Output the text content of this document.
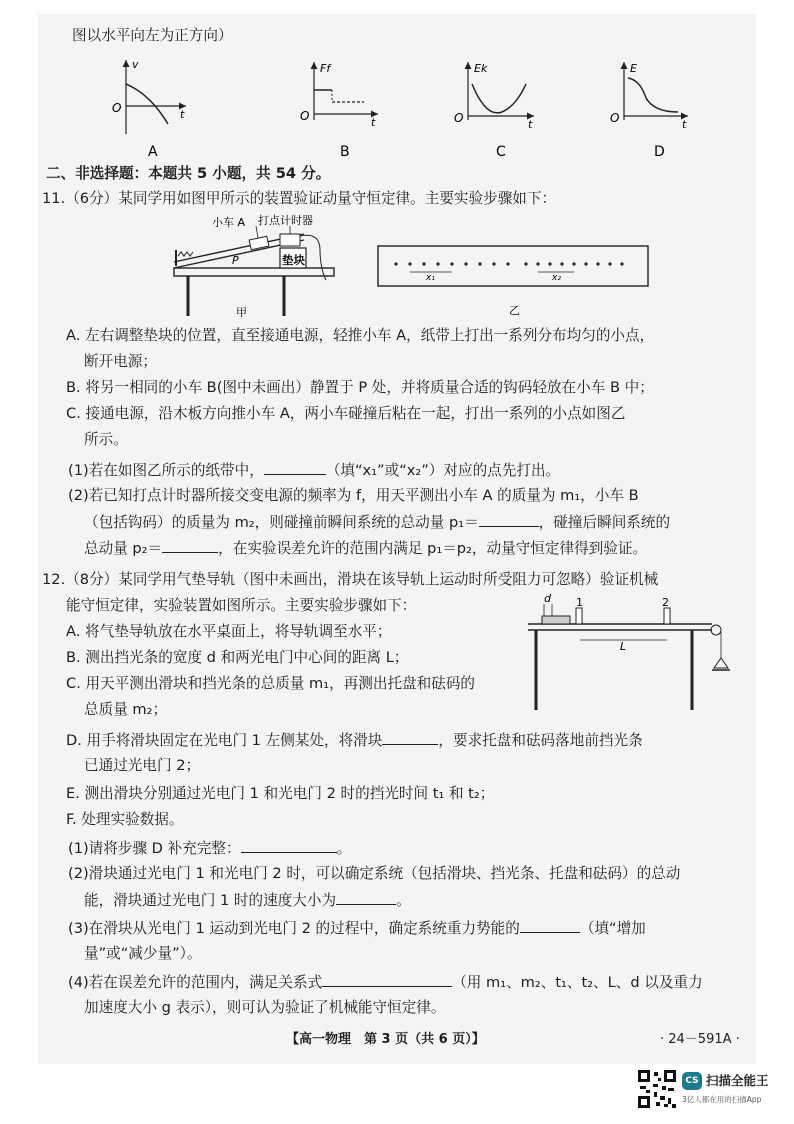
图以水平向左为正方向）
v
t
O
A
Ff
t
O
B
Ek
t
O
C
E
t
O
D
二、非选择题：本题共 5 小题，共 54 分。
11.（6分）某同学用如图甲所示的装置验证动量守恒定律。主要实验步骤如下：
小车 A 打点计时器
垫块
P
甲
x₁	x₂
乙
A. 左右调整垫块的位置，直至接通电源，轻推小车 A，纸带上打出一系列分布均匀的小点，
断开电源；
B. 将另一相同的小车 B(图中未画出）静置于 P 处，并将质量合适的钩码轻放在小车 B 中；
C. 接通电源，沿木板方向推小车 A，两小车碰撞后粘在一起，打出一系列的小点如图乙
所示。
(1)若在如图乙所示的纸带中，	（填“x₁”或“x₂”）对应的点先打出。
(2)若已知打点计时器所接交变电源的频率为 f，用天平测出小车 A 的质量为 m₁，小车 B
（包括钩码）的质量为 m₂，则碰撞前瞬间系统的总动量 p₁＝	，碰撞后瞬间系统的
总动量 p₂＝	，在实验误差允许的范围内满足 p₁＝p₂，动量守恒定律得到验证。
12.（8分）某同学用气垫导轨（图中未画出，滑块在该导轨上运动时所受阻力可忽略）验证机械
能守恒定律，实验装置如图所示。主要实验步骤如下：	d 1	2
L
A. 将气垫导轨放在水平桌面上，将导轨调至水平；
B. 测出挡光条的宽度 d 和两光电门中心间的距离 L；
C. 用天平测出滑块和挡光条的总质量 m₁，再测出托盘和砝码的
总质量 m₂；
D. 用手将滑块固定在光电门 1 左侧某处，将滑块	，要求托盘和砝码落地前挡光条
已通过光电门 2；
E. 测出滑块分别通过光电门 1 和光电门 2 时的挡光时间 t₁ 和 t₂；
F. 处理实验数据。
(1)请将步骤 D 补充完整：	。
(2)滑块通过光电门 1 和光电门 2 时，可以确定系统（包括滑块、挡光条、托盘和砝码）的总动
能，滑块通过光电门 1 时的速度大小为	。
(3)在滑块从光电门 1 运动到光电门 2 的过程中，确定系统重力势能的	（填“增加
量”或“减少量”）。
(4)若在误差允许的范围内，满足关系式	（用 m₁、m₂、t₁、t₂、L、d 以及重力
加速度大小 g 表示），则可认为验证了机械能守恒定律。
【高一物理　第 3 页（共 6 页）】	· 24－591A ·
CS 扫描全能王
3亿人都在用的扫描App
